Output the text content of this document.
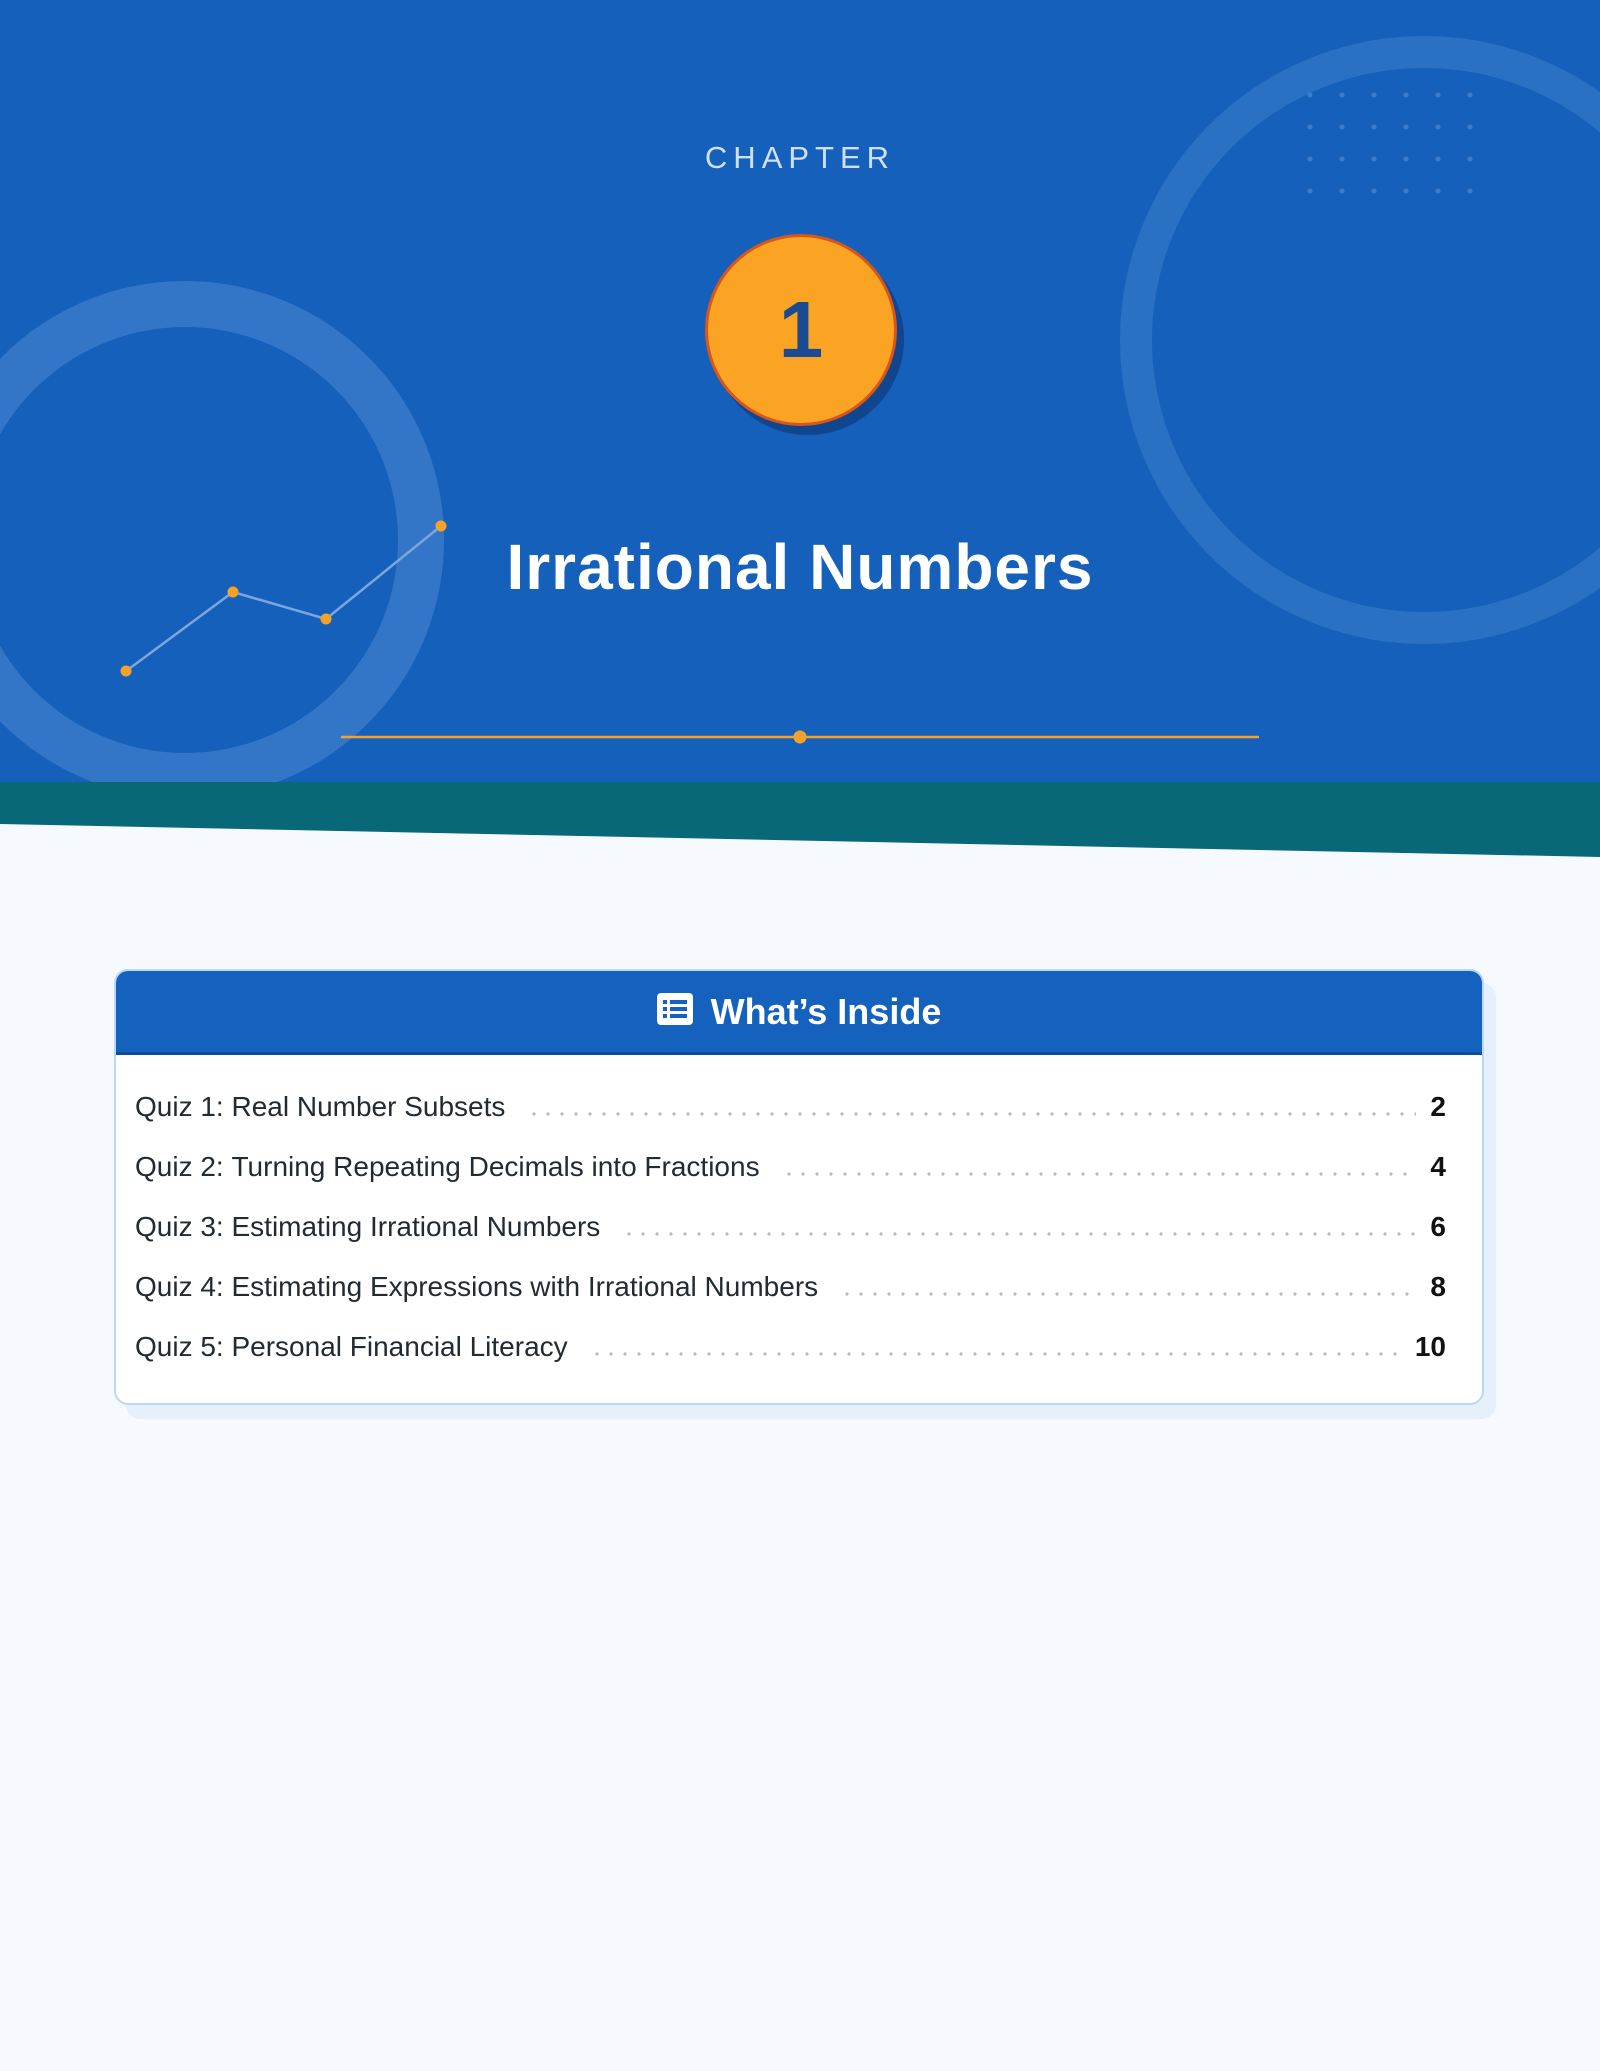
CHAPTER
1
Irrational Numbers
What’s Inside
Quiz 1: Real Number Subsets	2
Quiz 2: Turning Repeating Decimals into Fractions	4
Quiz 3: Estimating Irrational Numbers	6
Quiz 4: Estimating Expressions with Irrational Numbers	8
Quiz 5: Personal Financial Literacy	10
